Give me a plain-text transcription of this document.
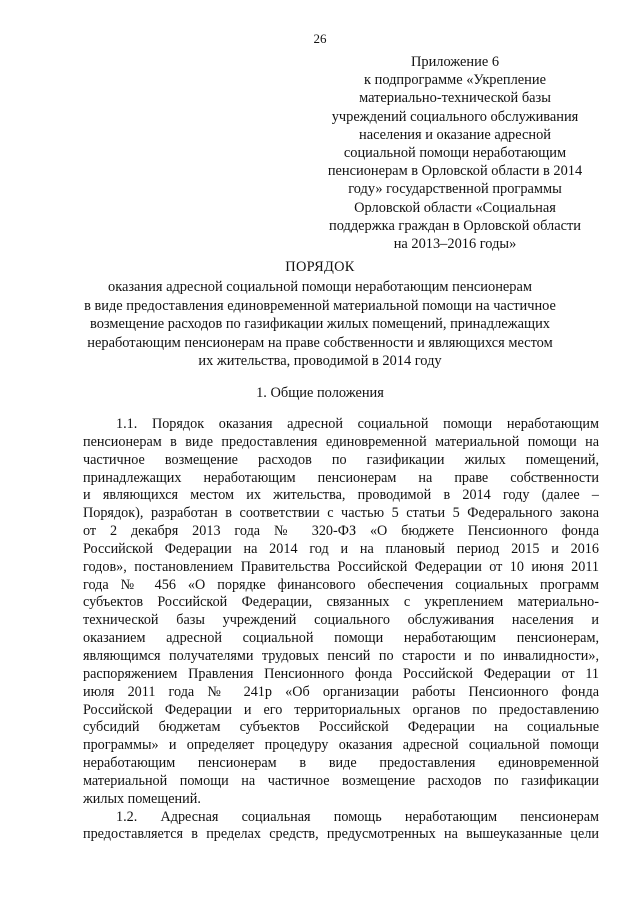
26
Приложение 6
к подпрограмме «Укрепление
материально-технической базы
учреждений социального обслуживания
населения и оказание адресной
социальной помощи неработающим
пенсионерам в Орловской области в 2014
году» государственной программы
Орловской области «Социальная
поддержка граждан в Орловской области
на 2013–2016 годы»
ПОРЯДОК
оказания адресной социальной помощи неработающим пенсионерам
в виде предоставления единовременной материальной помощи на частичное
возмещение расходов по газификации жилых помещений, принадлежащих
неработающим пенсионерам на праве собственности и являющихся местом
их жительства, проводимой в 2014 году
1. Общие положения
1.1. Порядок оказания адресной социальной помощи неработающим
пенсионерам в виде предоставления единовременной материальной помощи на
частичное возмещение расходов по газификации жилых помещений,
принадлежащих неработающим пенсионерам на праве собственности
и являющихся местом их жительства, проводимой в 2014 году (далее –
Порядок), разработан в соответствии с частью 5 статьи 5 Федерального закона
от 2 декабря 2013 года № 320-ФЗ «О бюджете Пенсионного фонда
Российской Федерации на 2014 год и на плановый период 2015 и 2016
годов», постановлением Правительства Российской Федерации от 10 июня 2011
года № 456 «О порядке финансового обеспечения социальных программ
субъектов Российской Федерации, связанных с укреплением материально-
технической базы учреждений социального обслуживания населения и
оказанием адресной социальной помощи неработающим пенсионерам,
являющимся получателями трудовых пенсий по старости и по инвалидности»,
распоряжением Правления Пенсионного фонда Российской Федерации от 11
июля 2011 года № 241р «Об организации работы Пенсионного фонда
Российской Федерации и его территориальных органов по предоставлению
субсидий бюджетам субъектов Российской Федерации на социальные
программы» и определяет процедуру оказания адресной социальной помощи
неработающим пенсионерам в виде предоставления единовременной
материальной помощи на частичное возмещение расходов по газификации
жилых помещений.
1.2. Адресная социальная помощь неработающим пенсионерам
предоставляется в пределах средств, предусмотренных на вышеуказанные цели
